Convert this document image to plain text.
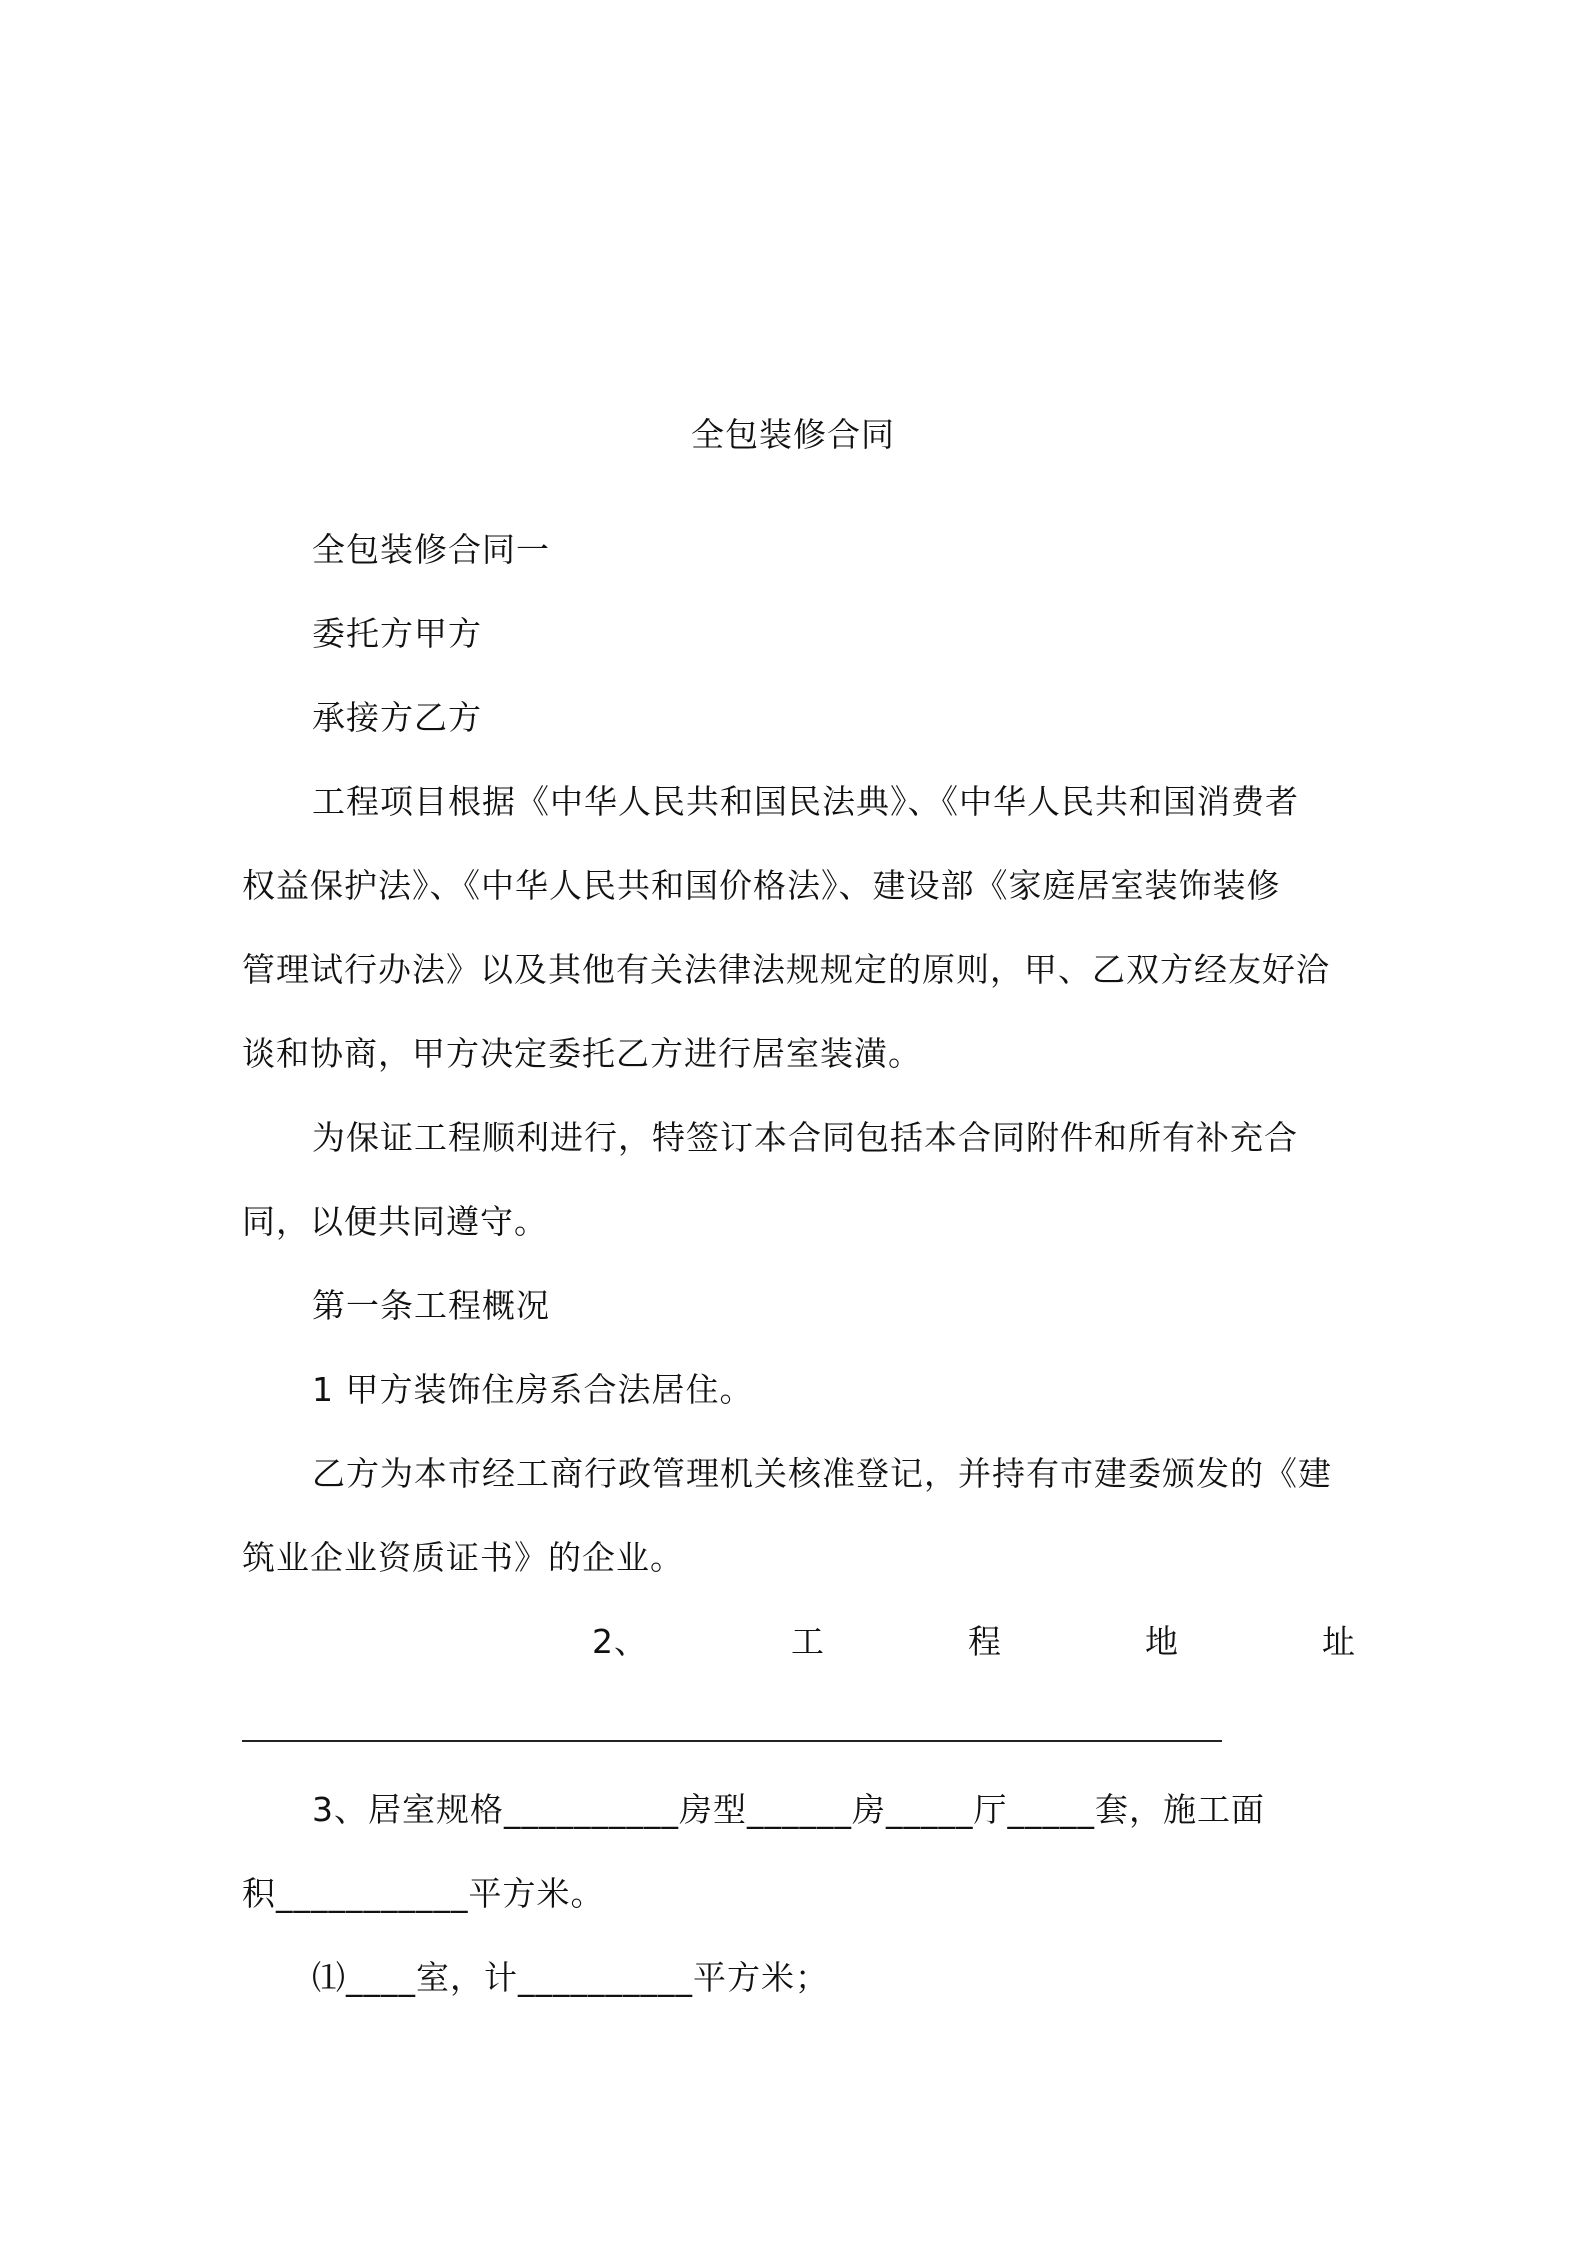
全包装修合同
全包装修合同一
委托方甲方
承接方乙方
工程项目根据《中华人民共和国民法典》、《中华人民共和国消费者
权益保护法》、《中华人民共和国价格法》、建设部《家庭居室装饰装修
管理试行办法》以及其他有关法律法规规定的原则，甲、乙双方经友好洽
谈和协商，甲方决定委托乙方进行居室装潢。
为保证工程顺利进行，特签订本合同包括本合同附件和所有补充合
同，以便共同遵守。
第一条工程概况
1 甲方装饰住房系合法居住。
乙方为本市经工商行政管理机关核准登记，并持有市建委颁发的《建
筑业企业资质证书》的企业。
2、	工	程	地	址
3、居室规格__________房型______房_____厅_____套，施工面
积___________平方米。
⑴____室，计__________平方米；
